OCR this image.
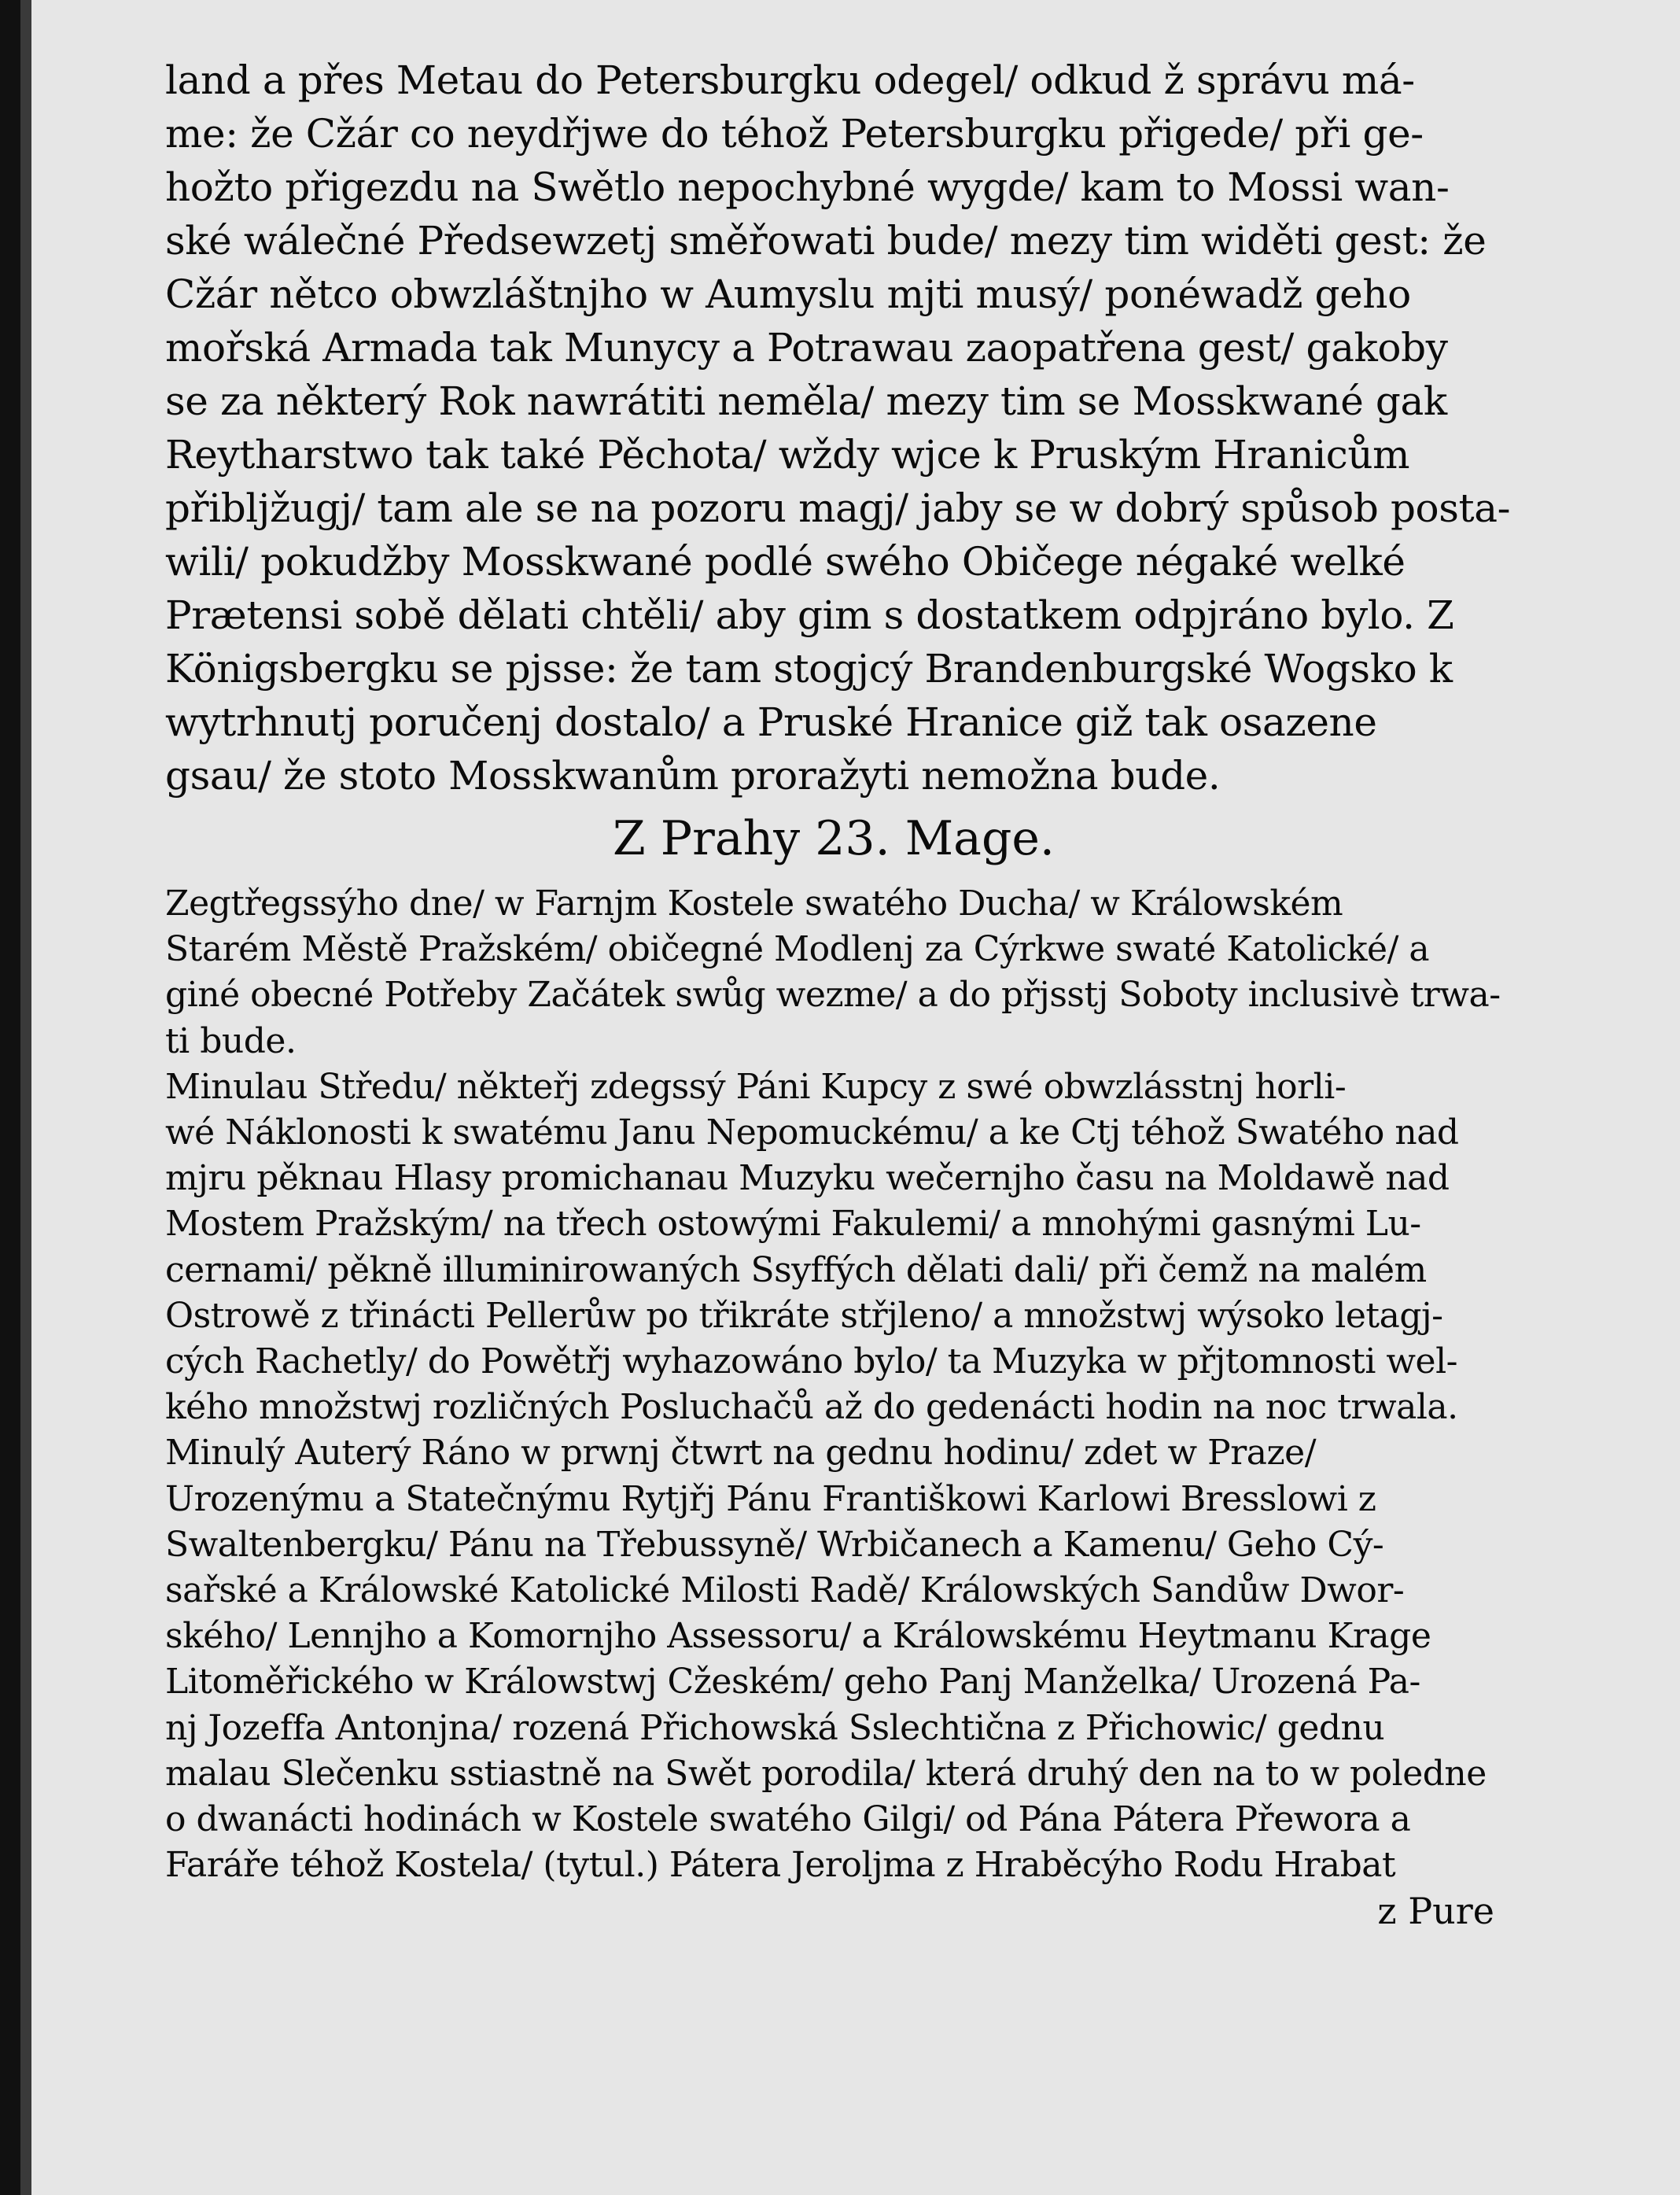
land a přes Metau do Petersburgku odegel/ odkud ž správu má-
me: že Cžár co neydřjwe do téhož Petersburgku přigede/ při ge-
hožto přigezdu na Swětlo nepochybné wygde/ kam to Mossi wan-
ské wálečné Předsewzetj směřowati bude/ mezy tim widěti gest: že
Cžár nětco obwzláštnjho w Aumyslu mjti musý/ ponéwadž geho
mořská Armada tak Munycy a Potrawau zaopatřena gest/ gakoby
se za některý Rok nawrátiti neměla/ mezy tim se Mosskwané gak
Reytharstwo tak také Pěchota/ wždy wjce k Pruským Hranicům
přibljžugj/ tam ale se na pozoru magj/ jaby se w dobrý spůsob posta-
wili/ pokudžby Mosskwané podlé swého Običege négaké welké
Prætensi sobě dělati chtěli/ aby gim s dostatkem odpjráno bylo. Z
Königsbergku se pjsse: že tam stogjcý Brandenburgské Wogsko k
wytrhnutj poručenj dostalo/ a Pruské Hranice giž tak osazene
gsau/ že stoto Mosskwanům proražyti nemožna bude.
Z Prahy 23. Mage.
Zegtřegssýho dne/ w Farnjm Kostele swatého Ducha/ w Králowském
Starém Městě Pražském/ običegné Modlenj za Cýrkwe swaté Katolické/ a
giné obecné Potřeby Začátek swůg wezme/ a do přjsstj Soboty inclusivè trwa-
ti bude.
Minulau Středu/ někteřj zdegssý Páni Kupcy z swé obwzlásstnj horli-
wé Náklonosti k swatému Janu Nepomuckému/ a ke Ctj téhož Swatého nad
mjru pěknau Hlasy promichanau Muzyku wečernjho času na Moldawě nad
Mostem Pražským/ na třech ostowými Fakulemi/ a mnohými gasnými Lu-
cernami/ pěkně illuminirowaných Ssyffých dělati dali/ při čemž na malém
Ostrowě z třinácti Pellerůw po třikráte střjleno/ a množstwj wýsoko letagj-
cých Rachetly/ do Powětřj wyhazowáno bylo/ ta Muzyka w přjtomnosti wel-
kého množstwj rozličných Posluchačů až do gedenácti hodin na noc trwala.
Minulý Auterý Ráno w prwnj čtwrt na gednu hodinu/ zdet w Praze/
Urozenýmu a Statečnýmu Rytjřj Pánu Františkowi Karlowi Bresslowi z
Swaltenbergku/ Pánu na Třebussyně/ Wrbičanech a Kamenu/ Geho Cý-
sařské a Králowské Katolické Milosti Radě/ Králowských Sandůw Dwor-
ského/ Lennjho a Komornjho Assessoru/ a Králowskému Heytmanu Krage
Litoměřického w Králowstwj Cžeském/ geho Panj Manželka/ Urozená Pa-
nj Jozeffa Antonjna/ rozená Přichowská Sslechtična z Přichowic/ gednu
malau Slečenku sstiastně na Swět porodila/ která druhý den na to w poledne
o dwanácti hodinách w Kostele swatého Gilgi/ od Pána Pátera Přewora a
Faráře téhož Kostela/ (tytul.) Pátera Jeroljma z Hraběcýho Rodu Hrabat
z Pure
